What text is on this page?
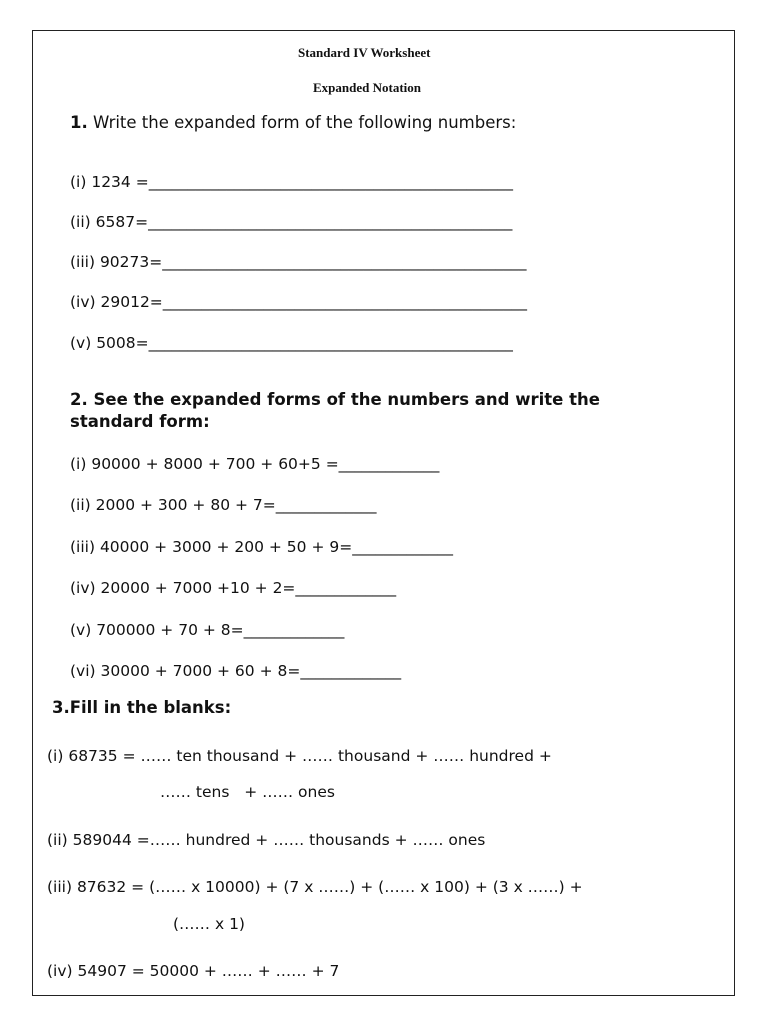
Standard IV Worksheet
Expanded Notation
1. Write the expanded form of the following numbers:
(i) 1234 =_______________________________________________
(ii) 6587=_______________________________________________
(iii) 90273=_______________________________________________
(iv) 29012=_______________________________________________
(v) 5008=_______________________________________________
2. See the expanded forms of the numbers and write the
standard form:
(i) 90000 + 8000 + 700 + 60+5 =_____________
(ii) 2000 + 300 + 80 + 7=_____________
(iii) 40000 + 3000 + 200 + 50 + 9=_____________
(iv) 20000 + 7000 +10 + 2=_____________
(v) 700000 + 70 + 8=_____________
(vi) 30000 + 7000 + 60 + 8=_____________
3.Fill in the blanks:
(i) 68735 = …… ten thousand + …… thousand + …… hundred +
…… tens   + …… ones
(ii) 589044 =…… hundred + …… thousands + …… ones
(iii) 87632 = (…… x 10000) + (7 x ……) + (…… x 100) + (3 x ……) +
(…… x 1)
(iv) 54907 = 50000 + …… + …… + 7
